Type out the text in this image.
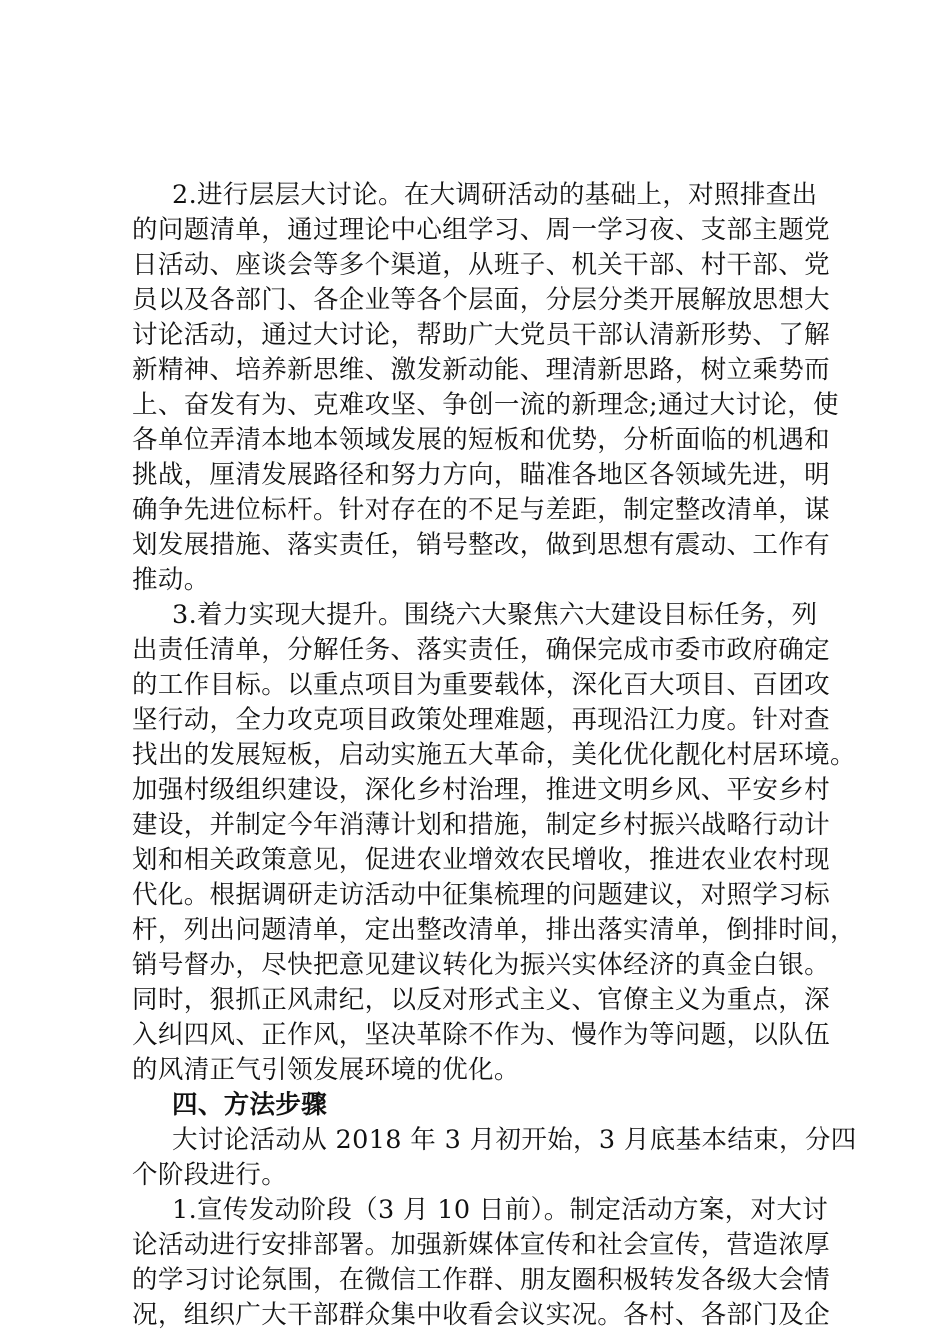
2.进行层层大讨论。在大调研活动的基础上，对照排查出
的问题清单，通过理论中心组学习、周一学习夜、支部主题党
日活动、座谈会等多个渠道，从班子、机关干部、村干部、党
员以及各部门、各企业等各个层面，分层分类开展解放思想大
讨论活动，通过大讨论，帮助广大党员干部认清新形势、了解
新精神、培养新思维、激发新动能、理清新思路，树立乘势而
上、奋发有为、克难攻坚、争创一流的新理念;通过大讨论，使
各单位弄清本地本领域发展的短板和优势，分析面临的机遇和
挑战，厘清发展路径和努力方向，瞄准各地区各领域先进，明
确争先进位标杆。针对存在的不足与差距，制定整改清单，谋
划发展措施、落实责任，销号整改，做到思想有震动、工作有
推动。
3.着力实现大提升。围绕六大聚焦六大建设目标任务，列
出责任清单，分解任务、落实责任，确保完成市委市政府确定
的工作目标。以重点项目为重要载体，深化百大项目、百团攻
坚行动，全力攻克项目政策处理难题，再现沿江力度。针对查
找出的发展短板，启动实施五大革命，美化优化靓化村居环境。
加强村级组织建设，深化乡村治理，推进文明乡风、平安乡村
建设，并制定今年消薄计划和措施，制定乡村振兴战略行动计
划和相关政策意见，促进农业增效农民增收，推进农业农村现
代化。根据调研走访活动中征集梳理的问题建议，对照学习标
杆，列出问题清单，定出整改清单，排出落实清单，倒排时间，
销号督办，尽快把意见建议转化为振兴实体经济的真金白银。
同时，狠抓正风肃纪，以反对形式主义、官僚主义为重点，深
入纠四风、正作风，坚决革除不作为、慢作为等问题，以队伍
的风清正气引领发展环境的优化。
四、方法步骤
大讨论活动从 2018 年 3 月初开始，3 月底基本结束，分四
个阶段进行。
1.宣传发动阶段（3 月 10 日前）。制定活动方案，对大讨
论活动进行安排部署。加强新媒体宣传和社会宣传，营造浓厚
的学习讨论氛围，在微信工作群、朋友圈积极转发各级大会情
况，组织广大干部群众集中收看会议实况。各村、各部门及企
